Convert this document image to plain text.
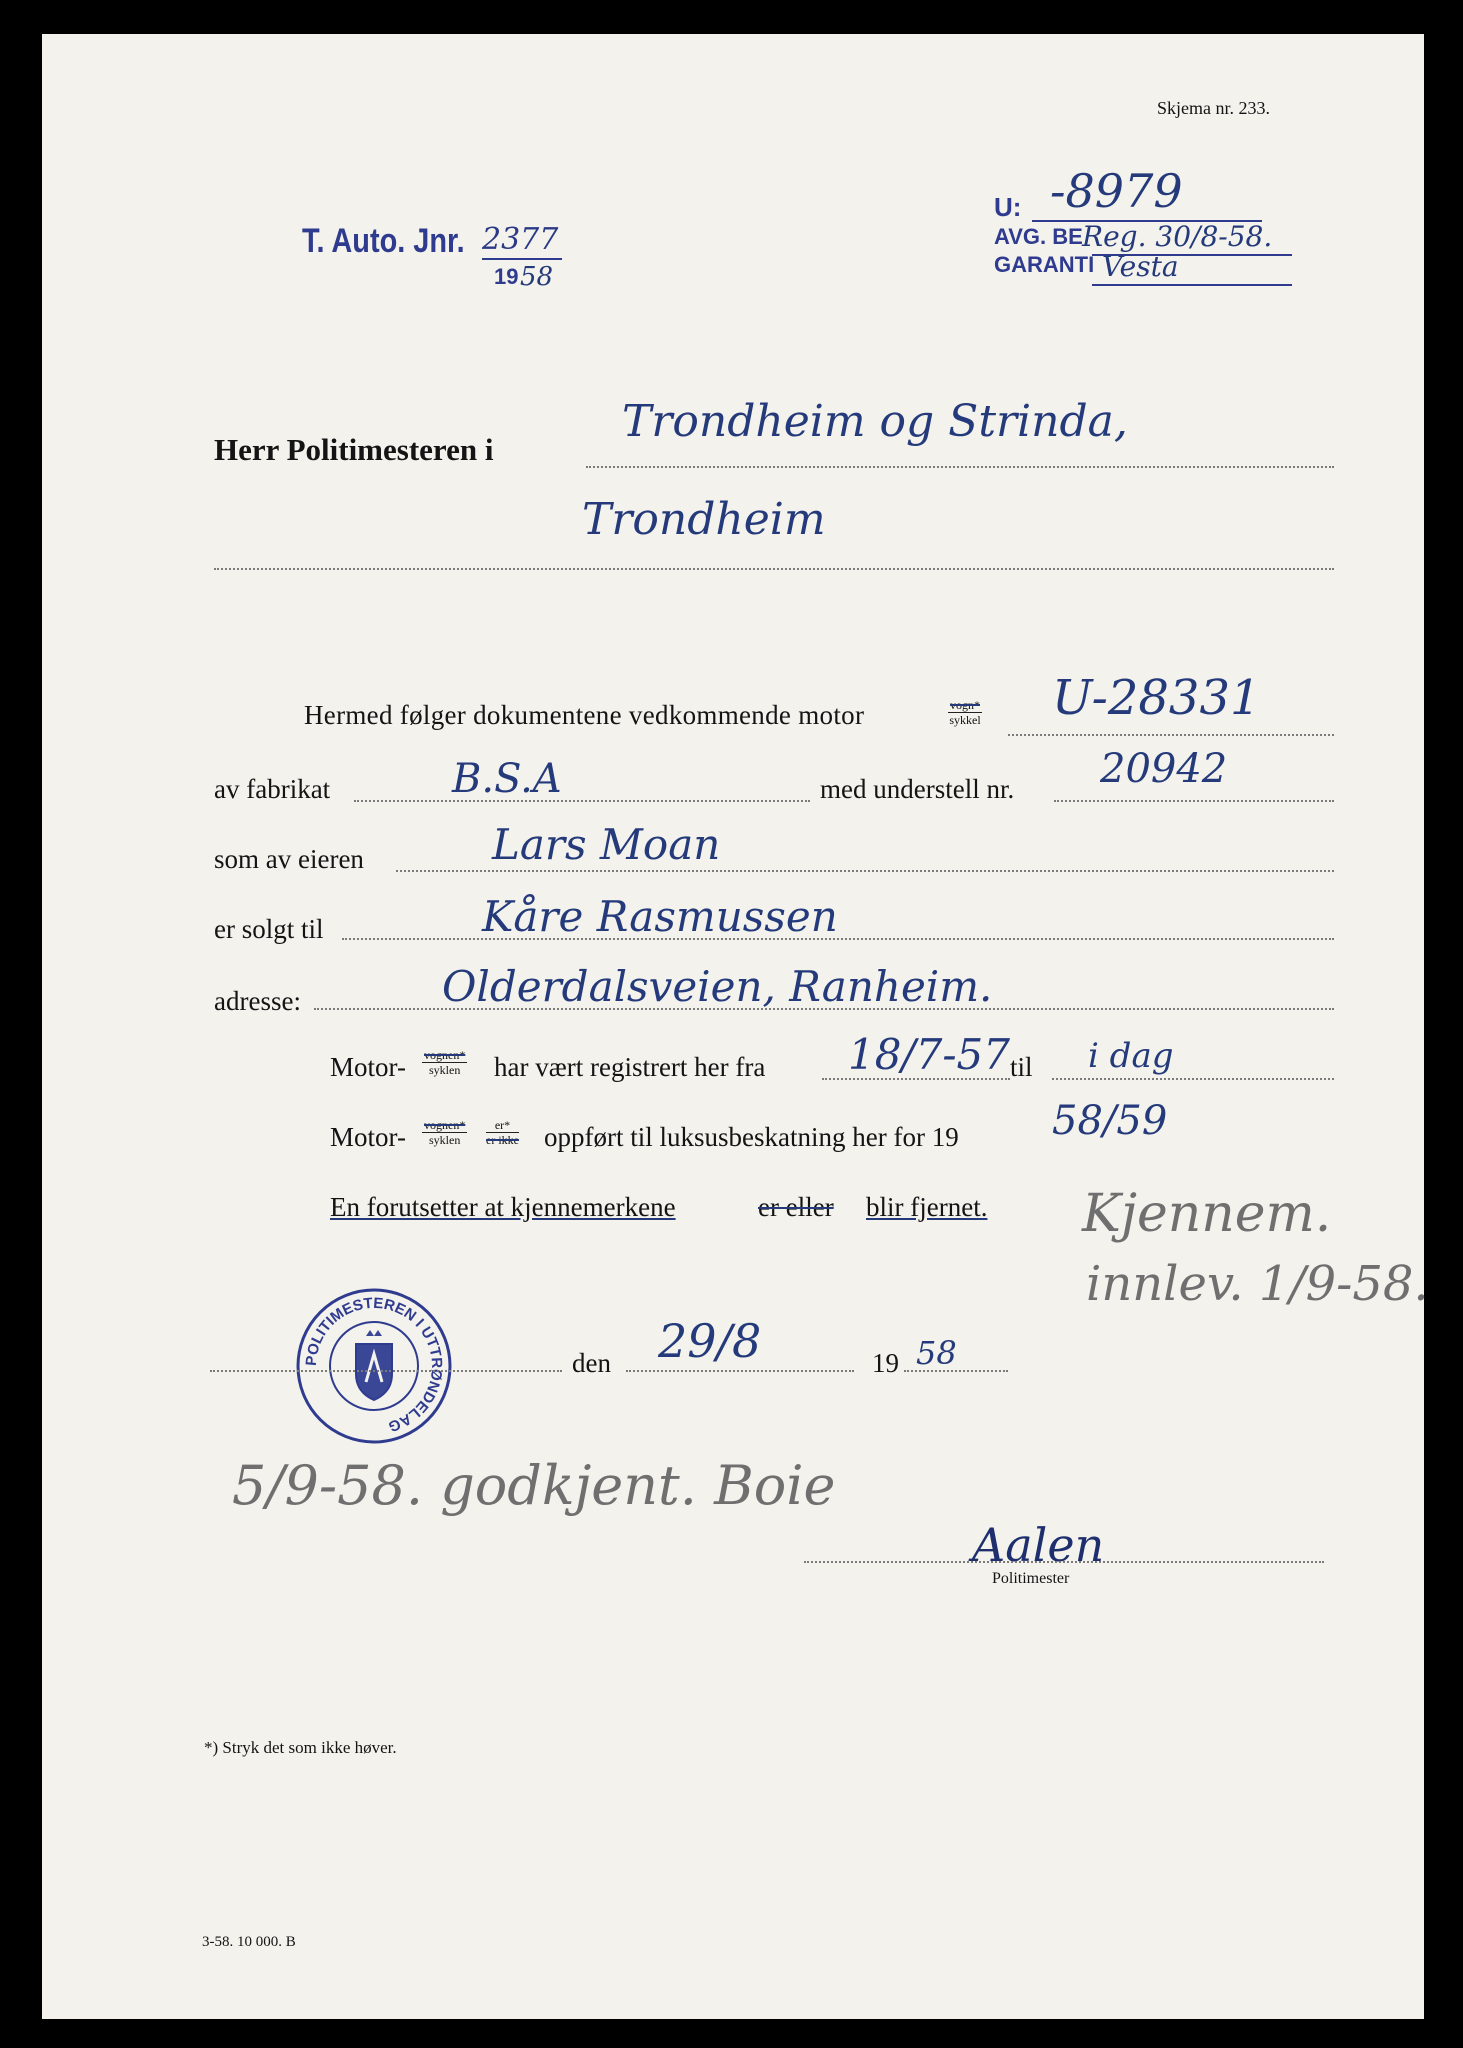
Skjema nr. 233.
T. Auto. Jnr. 2377
19 58
U: -8979
AVG. BE Reg. 30/8-58.
GARANTI Vesta
Herr Politimesteren i
Trondheim og Strinda,
Trondheim
Hermed følger dokumentene vedkommende motor	vogn*
sykkel U-28331
av fabrikat	B.S.A	med understell nr. 20942
som av eieren	Lars Moan
er solgt til	Kåre Rasmussen
adresse:	Olderdalsveien, Ranheim.
Motor- vognen*
syklen har vært registrert her fra 18/7-57 til i dag
Motor- vognen*
syklen
er*
er ikke oppført til luksusbeskatning her for 19 58/59
En forutsetter at kjennemerkene	er eller blir fjernet. Kjennem.
innlev. 1/9-58.
POLITIMESTEREN I UTTRØNDELAG
den 29/8	19 58
5/9-58. godkjent. Boie
Aalen
Politimester
*) Stryk det som ikke høver.
3-58. 10 000. B
